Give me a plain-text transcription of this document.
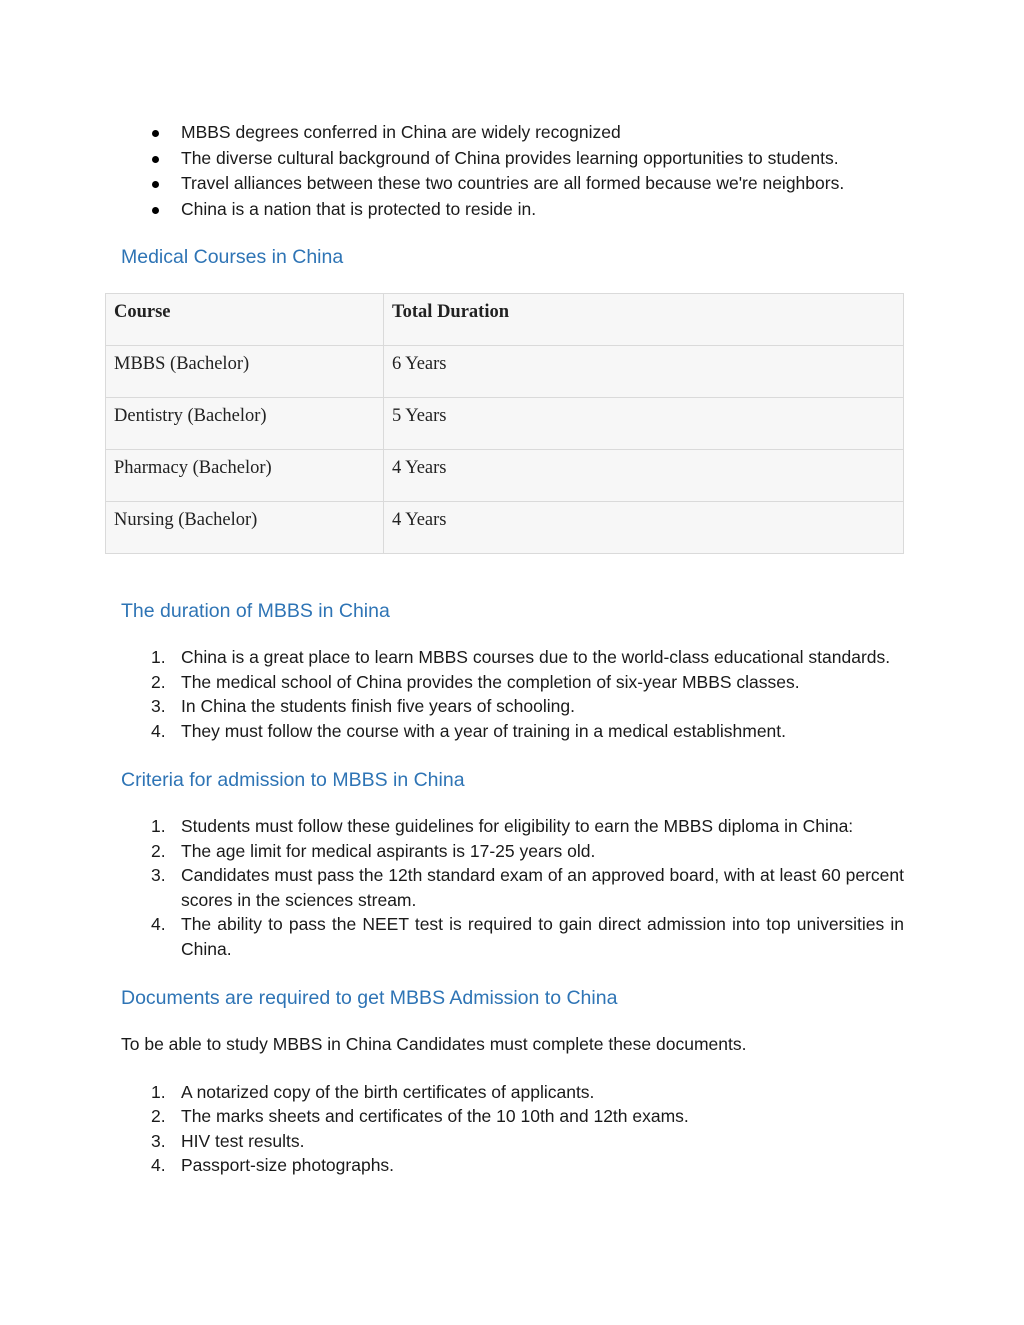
MBBS degrees conferred in China are widely recognized
The diverse cultural background of China provides learning opportunities to students.
Travel alliances between these two countries are all formed because we're neighbors.
China is a nation that is protected to reside in.
Medical Courses in China
Course	Total Duration
MBBS (Bachelor)	6 Years
Dentistry (Bachelor)	5 Years
Pharmacy (Bachelor)	4 Years
Nursing (Bachelor)	4 Years
The duration of MBBS in China
1. China is a great place to learn MBBS courses due to the world-class educational standards.
2. The medical school of China provides the completion of six-year MBBS classes.
3. In China the students finish five years of schooling.
4. They must follow the course with a year of training in a medical establishment.
Criteria for admission to MBBS in China
1. Students must follow these guidelines for eligibility to earn the MBBS diploma in China:
2. The age limit for medical aspirants is 17-25 years old.
3. Candidates must pass the 12th standard exam of an approved board, with at least 60 percent scores in the sciences stream.
4. The ability to pass the NEET test is required to gain direct admission into top universities in China.
Documents are required to get MBBS Admission to China

To be able to study MBBS in China Candidates must complete these documents.

1. A notarized copy of the birth certificates of applicants.
2. The marks sheets and certificates of the 10 10th and 12th exams.
3. HIV test results.
4. Passport-size photographs.
